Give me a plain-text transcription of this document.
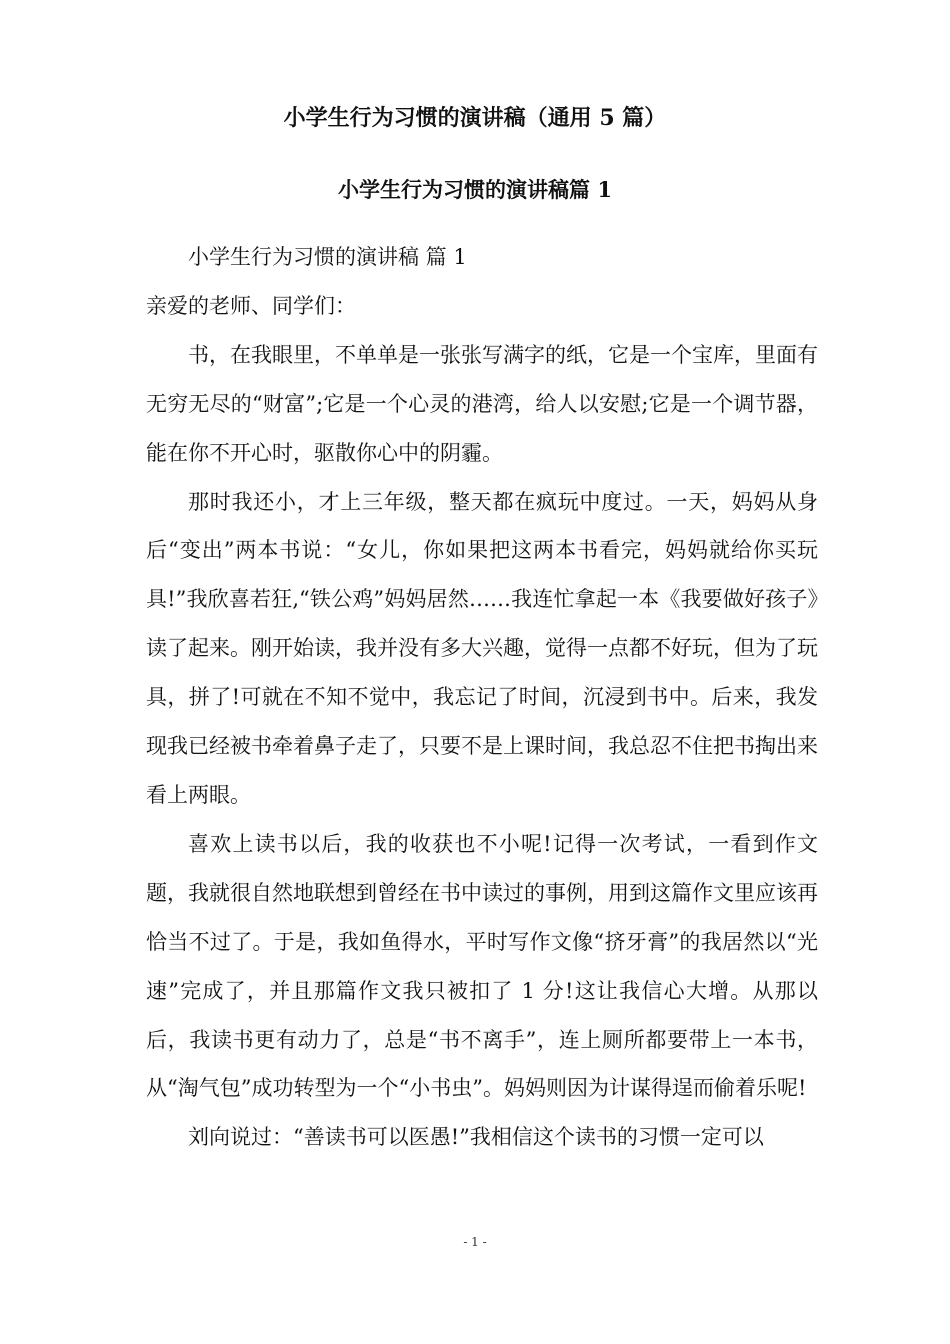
小学生行为习惯的演讲稿（通用 5 篇）
小学生行为习惯的演讲稿篇 1

小学生行为习惯的演讲稿 篇 1

亲爱的老师、同学们：

书，在我眼里，不单单是一张张写满字的纸，它是一个宝库，里面有无穷无尽的“财富”;它是一个心灵的港湾，给人以安慰;它是一个调节器，能在你不开心时，驱散你心中的阴霾。

那时我还小，才上三年级，整天都在疯玩中度过。一天，妈妈从身后“变出”两本书说：“女儿，你如果把这两本书看完，妈妈就给你买玩具!”我欣喜若狂,“铁公鸡”妈妈居然……我连忙拿起一本《我要做好孩子》读了起来。刚开始读，我并没有多大兴趣，觉得一点都不好玩，但为了玩具，拼了!可就在不知不觉中，我忘记了时间，沉浸到书中。后来，我发现我已经被书牵着鼻子走了，只要不是上课时间，我总忍不住把书掏出来看上两眼。

喜欢上读书以后，我的收获也不小呢!记得一次考试，一看到作文题，我就很自然地联想到曾经在书中读过的事例，用到这篇作文里应该再恰当不过了。于是，我如鱼得水，平时写作文像“挤牙膏”的我居然以“光速”完成了，并且那篇作文我只被扣了 1 分!这让我信心大增。从那以后，我读书更有动力了，总是“书不离手”，连上厕所都要带上一本书，从“淘气包”成功转型为一个“小书虫”。妈妈则因为计谋得逞而偷着乐呢!

刘向说过：“善读书可以医愚!”我相信这个读书的习惯一定可以

- 1 -
